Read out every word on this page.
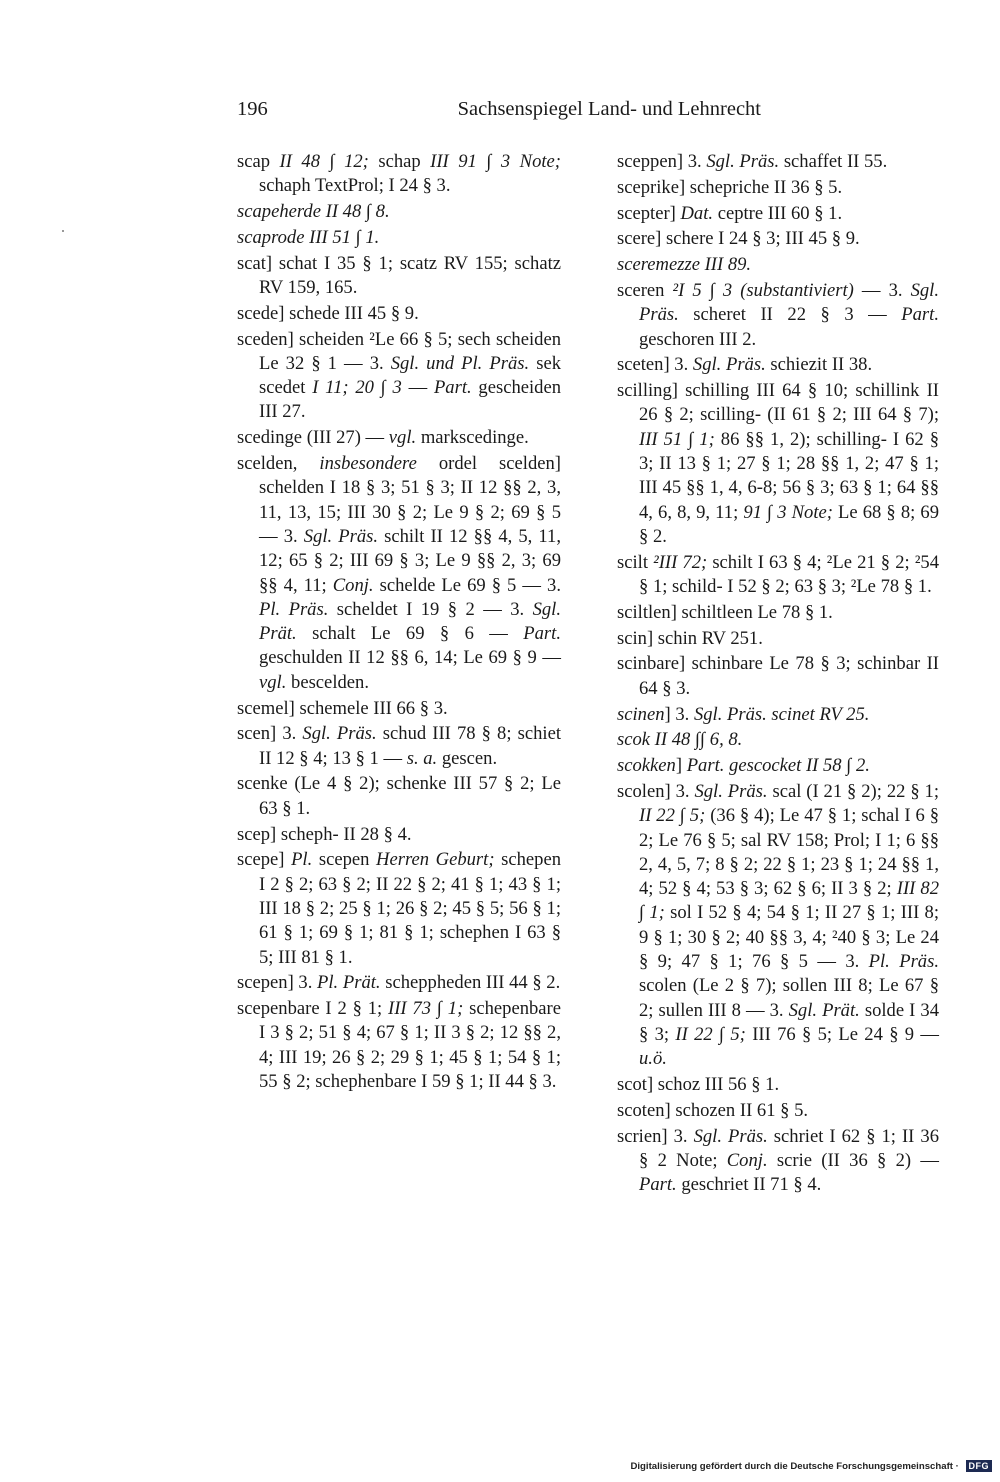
196	Sachsenspiegel Land- und Lehnrecht

scap II 48 ∫ 12; schap III 91 ∫ 3 Note; schaph TextProl; I 24 § 3.

scapeherde II 48 ∫ 8.

scaprode III 51 ∫ 1.

scat] schat I 35 § 1; scatz RV 155; schatz RV 159, 165.

scede] schede III 45 § 9.

sceden] scheiden ²Le 66 § 5; sech scheiden Le 32 § 1 — 3. Sgl. und Pl. Präs. sek scedet I 11; 20 ∫ 3 — Part. gescheiden III 27.

scedinge (III 27) — vgl. markscedinge.

scelden, insbesondere ordel scelden] schelden I 18 § 3; 51 § 3; II 12 §§ 2, 3, 11, 13, 15; III 30 § 2; Le 9 § 2; 69 § 5 — 3. Sgl. Präs. schilt II 12 §§ 4, 5, 11, 12; 65 § 2; III 69 § 3; Le 9 §§ 2, 3; 69 §§ 4, 11; Conj. schelde Le 69 § 5 — 3. Pl. Präs. scheldet I 19 § 2 — 3. Sgl. Prät. schalt Le 69 § 6 — Part. geschulden II 12 §§ 6, 14; Le 69 § 9 — vgl. bescelden.

scemel] schemele III 66 § 3.

scen] 3. Sgl. Präs. schud III 78 § 8; schiet II 12 § 4; 13 § 1 — s. a. gescen.

scenke (Le 4 § 2); schenke III 57 § 2; Le 63 § 1.

scep] scheph- II 28 § 4.

scepe] Pl. scepen Herren Geburt; schepen I 2 § 2; 63 § 2; II 22 § 2; 41 § 1; 43 § 1; III 18 § 2; 25 § 1; 26 § 2; 45 § 5; 56 § 1; 61 § 1; 69 § 1; 81 § 1; schephen I 63 § 5; III 81 § 1.

scepen] 3. Pl. Prät. scheppheden III 44 § 2.

scepenbare I 2 § 1; III 73 ∫ 1; schepenbare I 3 § 2; 51 § 4; 67 § 1; II 3 § 2; 12 §§ 2, 4; III 19; 26 § 2; 29 § 1; 45 § 1; 54 § 1; 55 § 2; schephenbare I 59 § 1; II 44 § 3.

sceppen] 3. Sgl. Präs. schaffet II 55.

sceprike] schepriche II 36 § 5.

scepter] Dat. ceptre III 60 § 1.

scere] schere I 24 § 3; III 45 § 9.

sceremezze III 89.

sceren ²I 5 ∫ 3 (substantiviert) — 3. Sgl. Präs. scheret II 22 § 3 — Part. geschoren III 2.

sceten] 3. Sgl. Präs. schiezit II 38.

scilling] schilling III 64 § 10; schillink II 26 § 2; scilling- (II 61 § 2; III 64 § 7); III 51 ∫ 1; 86 §§ 1, 2); schilling- I 62 § 3; II 13 § 1; 27 § 1; 28 §§ 1, 2; 47 § 1; III 45 §§ 1, 4, 6-8; 56 § 3; 63 § 1; 64 §§ 4, 6, 8, 9, 11; 91 ∫ 3 Note; Le 68 § 8; 69 § 2.

scilt ²III 72; schilt I 63 § 4; ²Le 21 § 2; ²54 § 1; schild- I 52 § 2; 63 § 3; ²Le 78 § 1.

sciltlen] schiltleen Le 78 § 1.

scin] schin RV 251.

scinbare] schinbare Le 78 § 3; schinbar II 64 § 3.

scinen] 3. Sgl. Präs. scinet RV 25.

scok II 48 ∫∫ 6, 8.

scokken] Part. gescocket II 58 ∫ 2.

scolen] 3. Sgl. Präs. scal (I 21 § 2); 22 § 1; II 22 ∫ 5; (36 § 4); Le 47 § 1; schal I 6 § 2; Le 76 § 5; sal RV 158; Prol; I 1; 6 §§ 2, 4, 5, 7; 8 § 2; 22 § 1; 23 § 1; 24 §§ 1, 4; 52 § 4; 53 § 3; 62 § 6; II 3 § 2; III 82 ∫ 1; sol I 52 § 4; 54 § 1; II 27 § 1; III 8; 9 § 1; 30 § 2; 40 §§ 3, 4; ²40 § 3; Le 24 § 9; 47 § 1; 76 § 5 — 3. Pl. Präs. scolen (Le 2 § 7); sollen III 8; Le 67 § 2; sullen III 8 — 3. Sgl. Prät. solde I 34 § 3; II 22 ∫ 5; III 76 § 5; Le 24 § 9 — u.ö.

scot] schoz III 56 § 1.

scoten] schozen II 61 § 5.

scrien] 3. Sgl. Präs. schriet I 62 § 1; II 36 § 2 Note; Conj. scrie (II 36 § 2) — Part. geschriet II 71 § 4.

Digitalisierung gefördert durch die Deutsche Forschungsgemeinschaft · DFG
